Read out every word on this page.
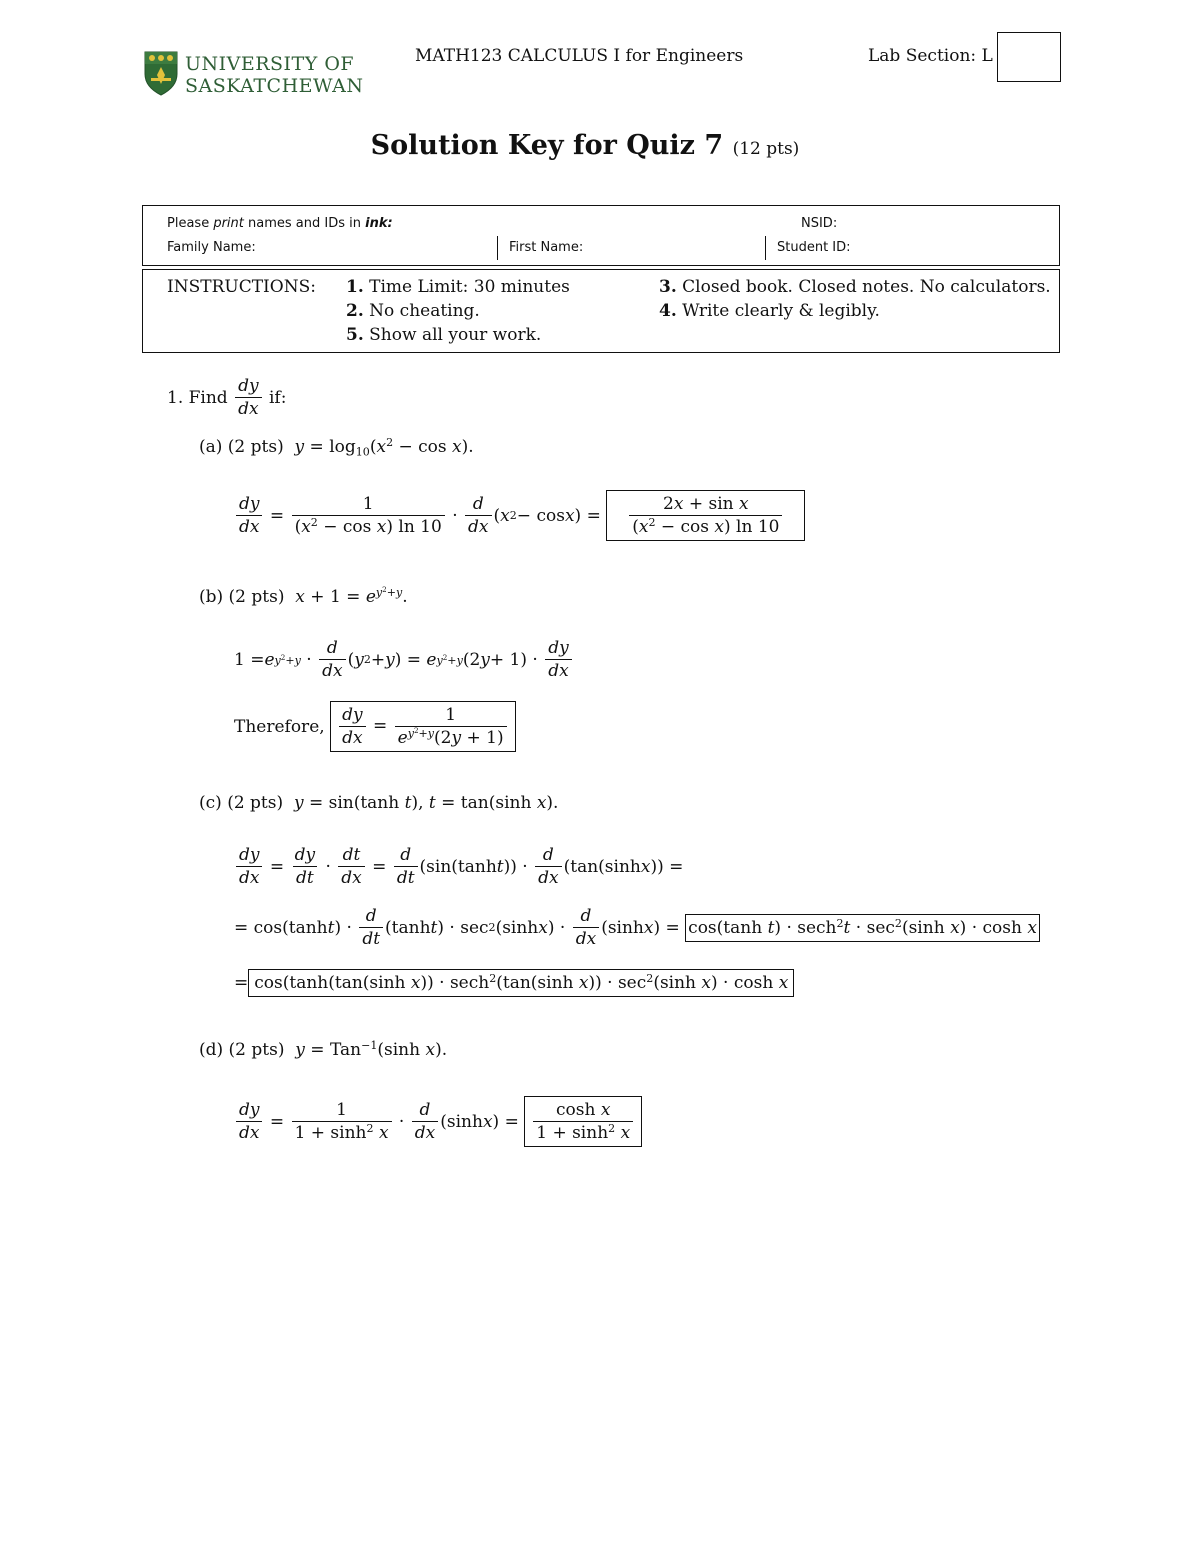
UNIVERSITY OF
SASKATCHEWAN
MATH123 CALCULUS I for Engineers	Lab Section: L
Solution Key for Quiz 7 (12 pts)
Please print names and IDs in ink:	NSID:
Family Name:	First Name:	Student ID:
INSTRUCTIONS: 1. Time Limit: 30 minutes
2. No cheating.
5. Show all your work.
3. Closed book. Closed notes. No calculators.
4. Write clearly & legibly.
1. Find
$\frac{dy}{dx}$
if:
(a) (2 pts) $y = \log_{10}(x^2 - \cos x)$.
$\frac{dy}{dx} = \frac{1}{(x^2 - \cos x) \ln 10} \cdot \frac{d}{dx}$ ( x 2 − cos x ) = $\frac{\text{2x + sin x}}{(x^2 - \cos x) \ln 10}$
(b) (2 pts) $x + 1 = e^{y^2+y}$.
1 = e $y^2+y \cdot \frac{d}{dx}$ ( y 2 + y ) = e $y^2+y$ (2 $y + 1) \cdot \frac{dy}{dx}$
Therefore,
$\frac{dy}{dx} = \frac{1}{e^{y^2+y}(2y + 1)}$
(c) (2 pts) y = sin(tanh t), t = tan(sinh x).
$\frac{dy}{dx} = \frac{dy}{dt} \cdot \frac{dt}{dx} = \frac{d}{dt} (\sin(\tanh$ t )) · $\frac{d}{dx} (\tan(\sinh$ x )) =
= cos(tanh t ) · $\frac{d}{dt} (\tanh$ t ) · sec 2 (sinh x ) · $\frac{d}{dx} (\sinh$ x ) = cos(tanh $t) \cdot \sec h^2t \cdot \sec^2(\sinh$ x) · cosh x
= cos(tanh(tan(sinh x)) · sech$^2$(tan(sinh $x)) \cdot \sec^2(\sinh$ x) · cosh x
(d) (2 pts) y = Tan$^{-1}$(sinh x).
$\frac{dy}{dx} = \frac{1}{1 + \sinh^2 x} \cdot \frac{d}{dx} (\sinh$ x ) = $\frac{\text{cosh x}}{1 + \sinh^2 x}$
